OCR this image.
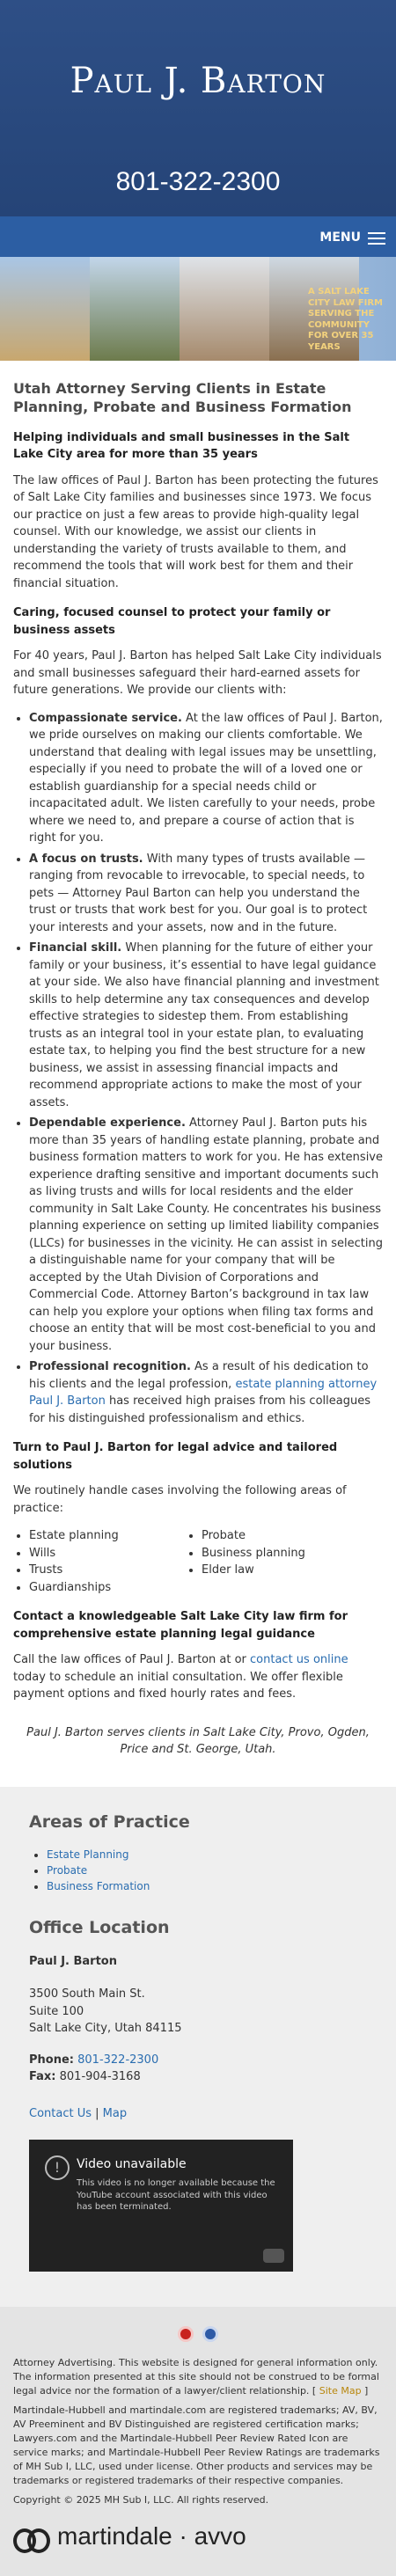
Paul J. Barton
801-322-2300
MENU
A SALT LAKE CITY LAW FIRM SERVING THE COMMUNITY FOR OVER 35 YEARS
Utah Attorney Serving Clients in Estate Planning, Probate and Business Formation
Helping individuals and small businesses in the Salt Lake City area for more than 35 years

The law offices of Paul J. Barton has been protecting the futures of Salt Lake City families and businesses since 1973. We focus our practice on just a few areas to provide high-quality legal counsel. With our knowledge, we assist our clients in understanding the variety of trusts available to them, and recommend the tools that will work best for them and their financial situation.

Caring, focused counsel to protect your family or business assets

For 40 years, Paul J. Barton has helped Salt Lake City individuals and small businesses safeguard their hard-earned assets for future generations. We provide our clients with:

• Compassionate service. At the law offices of Paul J. Barton, we pride ourselves on making our clients comfortable. We understand that dealing with legal issues may be unsettling, especially if you need to probate the will of a loved one or establish guardianship for a special needs child or incapacitated adult. We listen carefully to your needs, probe where we need to, and prepare a course of action that is right for you.
• A focus on trusts. With many types of trusts available — ranging from revocable to irrevocable, to special needs, to pets — Attorney Paul Barton can help you understand the trust or trusts that work best for you. Our goal is to protect your interests and your assets, now and in the future.
• Financial skill. When planning for the future of either your family or your business, it’s essential to have legal guidance at your side. We also have financial planning and investment skills to help determine any tax consequences and develop effective strategies to sidestep them. From establishing trusts as an integral tool in your estate plan, to evaluating estate tax, to helping you find the best structure for a new business, we assist in assessing financial impacts and recommend appropriate actions to make the most of your assets.
• Dependable experience. Attorney Paul J. Barton puts his more than 35 years of handling estate planning, probate and business formation matters to work for you. He has extensive experience drafting sensitive and important documents such as living trusts and wills for local residents and the elder community in Salt Lake County. He concentrates his business planning experience on setting up limited liability companies (LLCs) for businesses in the vicinity. He can assist in selecting a distinguishable name for your company that will be accepted by the Utah Division of Corporations and Commercial Code. Attorney Barton’s background in tax law can help you explore your options when filing tax forms and choose an entity that will be most cost-beneficial to you and your business.
• Professional recognition. As a result of his dedication to his clients and the legal profession, estate planning attorney Paul J. Barton has received high praises from his colleagues for his distinguished professionalism and ethics.
Turn to Paul J. Barton for legal advice and tailored solutions

We routinely handle cases involving the following areas of practice:

• Estate planning
• Wills
• Trusts
• Guardianships
• Probate
• Business planning
• Elder law
Contact a knowledgeable Salt Lake City law firm for comprehensive estate planning legal guidance

Call the law offices of Paul J. Barton at or contact us online today to schedule an initial consultation. We offer flexible payment options and fixed hourly rates and fees.

Paul J. Barton serves clients in Salt Lake City, Provo, Ogden, Price and St. George, Utah.

Areas of Practice
• Estate Planning
• Probate
• Business Formation
Office Location
Paul J. Barton
3500 South Main St.
Suite 100
Salt Lake City, Utah 84115
Phone: 801-322-2300
Fax: 801-904-3168
Contact Us | Map
!	Video unavailable
This video is no longer available because the YouTube account associated with this video has been terminated.

Attorney Advertising. This website is designed for general information only. The information presented at this site should not be construed to be formal legal advice nor the formation of a lawyer/client relationship. [ Site Map ]

Martindale-Hubbell and martindale.com are registered trademarks; AV, BV, AV Preeminent and BV Distinguished are registered certification marks; Lawyers.com and the Martindale-Hubbell Peer Review Rated Icon are service marks; and Martindale-Hubbell Peer Review Ratings are trademarks of MH Sub I, LLC, used under license. Other products and services may be trademarks or registered trademarks of their respective companies.

Copyright © 2025 MH Sub I, LLC. All rights reserved.

martindale · avvo
